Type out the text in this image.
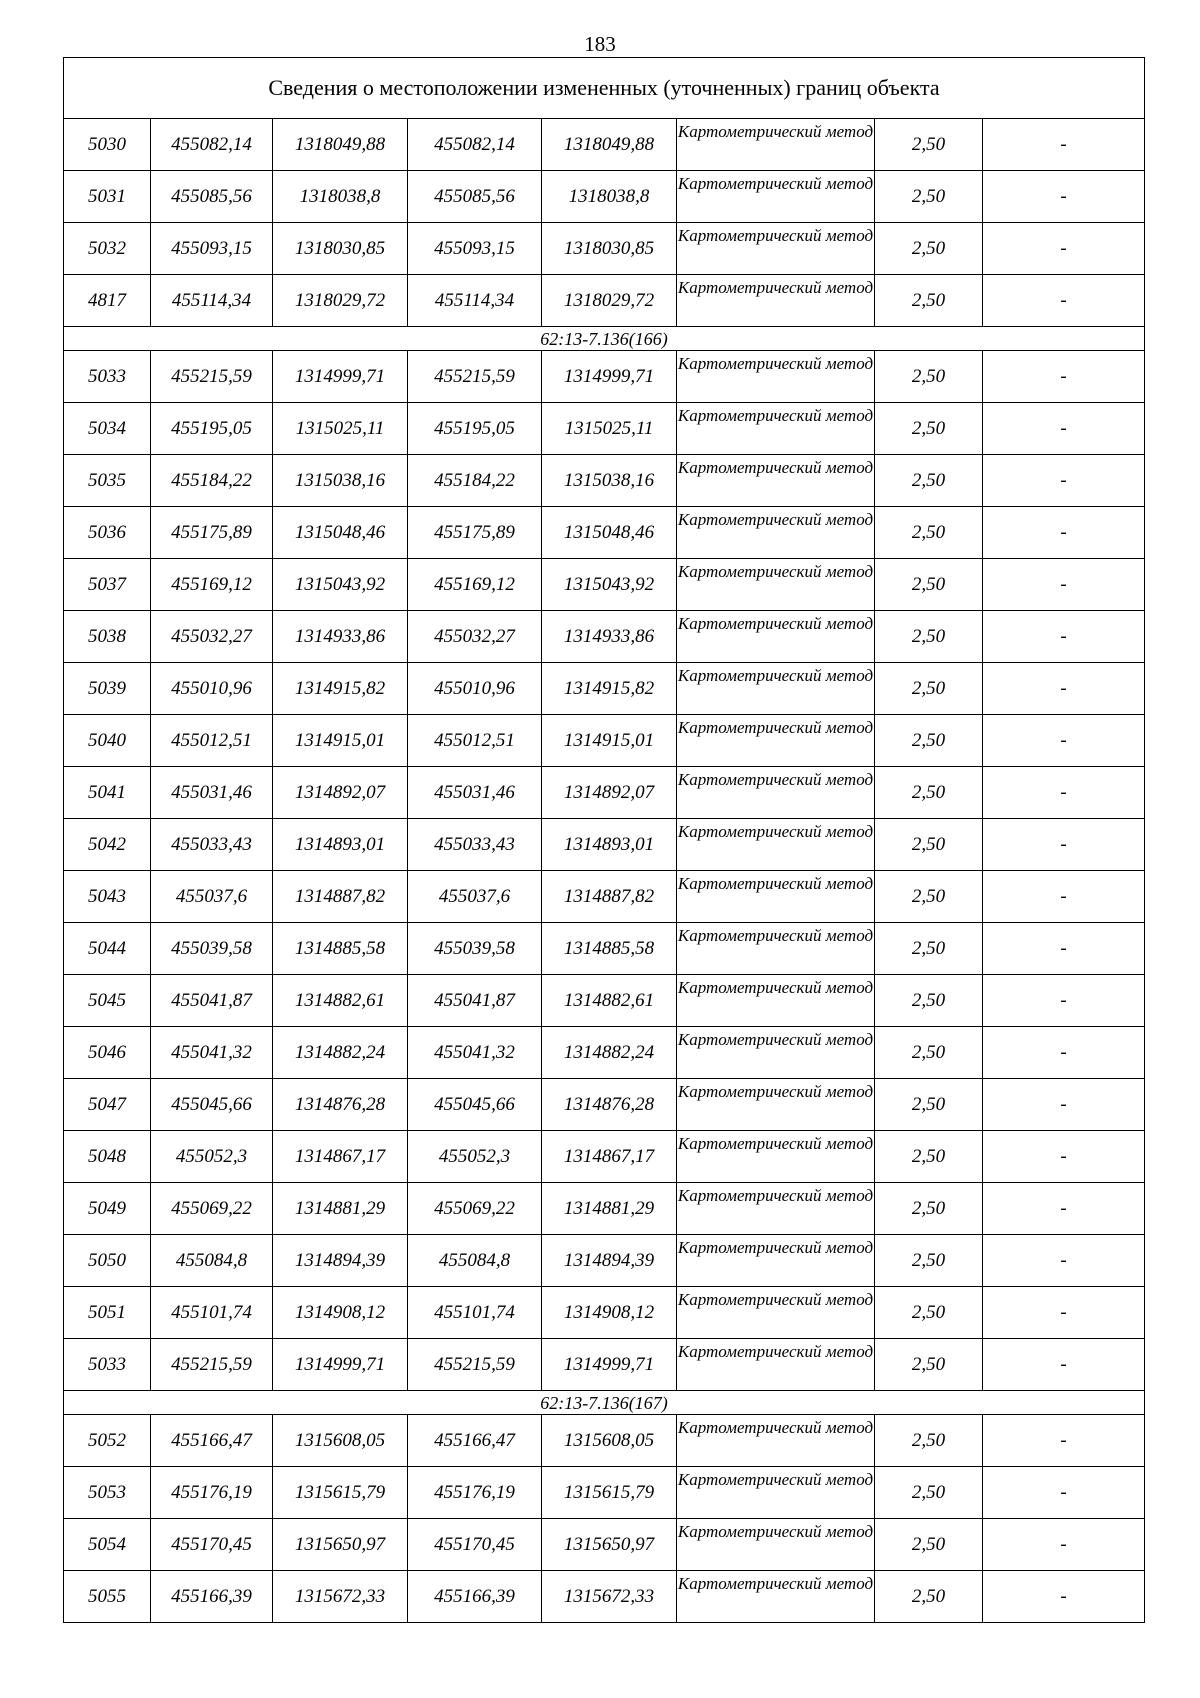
183
Сведения о местоположении измененных (уточненных) границ объекта							
5030	455082,14	1318049,88	455082,14	1318049,88	Картометрический метод	2,50	-
5031	455085,56	1318038,8	455085,56	1318038,8	Картометрический метод	2,50	-
5032	455093,15	1318030,85	455093,15	1318030,85	Картометрический метод	2,50	-
4817	455114,34	1318029,72	455114,34	1318029,72	Картометрический метод	2,50	-
62:13-7.136(166)							
5033	455215,59	1314999,71	455215,59	1314999,71	Картометрический метод	2,50	-
5034	455195,05	1315025,11	455195,05	1315025,11	Картометрический метод	2,50	-
5035	455184,22	1315038,16	455184,22	1315038,16	Картометрический метод	2,50	-
5036	455175,89	1315048,46	455175,89	1315048,46	Картометрический метод	2,50	-
5037	455169,12	1315043,92	455169,12	1315043,92	Картометрический метод	2,50	-
5038	455032,27	1314933,86	455032,27	1314933,86	Картометрический метод	2,50	-
5039	455010,96	1314915,82	455010,96	1314915,82	Картометрический метод	2,50	-
5040	455012,51	1314915,01	455012,51	1314915,01	Картометрический метод	2,50	-
5041	455031,46	1314892,07	455031,46	1314892,07	Картометрический метод	2,50	-
5042	455033,43	1314893,01	455033,43	1314893,01	Картометрический метод	2,50	-
5043	455037,6	1314887,82	455037,6	1314887,82	Картометрический метод	2,50	-
5044	455039,58	1314885,58	455039,58	1314885,58	Картометрический метод	2,50	-
5045	455041,87	1314882,61	455041,87	1314882,61	Картометрический метод	2,50	-
5046	455041,32	1314882,24	455041,32	1314882,24	Картометрический метод	2,50	-
5047	455045,66	1314876,28	455045,66	1314876,28	Картометрический метод	2,50	-
5048	455052,3	1314867,17	455052,3	1314867,17	Картометрический метод	2,50	-
5049	455069,22	1314881,29	455069,22	1314881,29	Картометрический метод	2,50	-
5050	455084,8	1314894,39	455084,8	1314894,39	Картометрический метод	2,50	-
5051	455101,74	1314908,12	455101,74	1314908,12	Картометрический метод	2,50	-
5033	455215,59	1314999,71	455215,59	1314999,71	Картометрический метод	2,50	-
62:13-7.136(167)							
5052	455166,47	1315608,05	455166,47	1315608,05	Картометрический метод	2,50	-
5053	455176,19	1315615,79	455176,19	1315615,79	Картометрический метод	2,50	-
5054	455170,45	1315650,97	455170,45	1315650,97	Картометрический метод	2,50	-
5055	455166,39	1315672,33	455166,39	1315672,33	Картометрический метод	2,50	-
